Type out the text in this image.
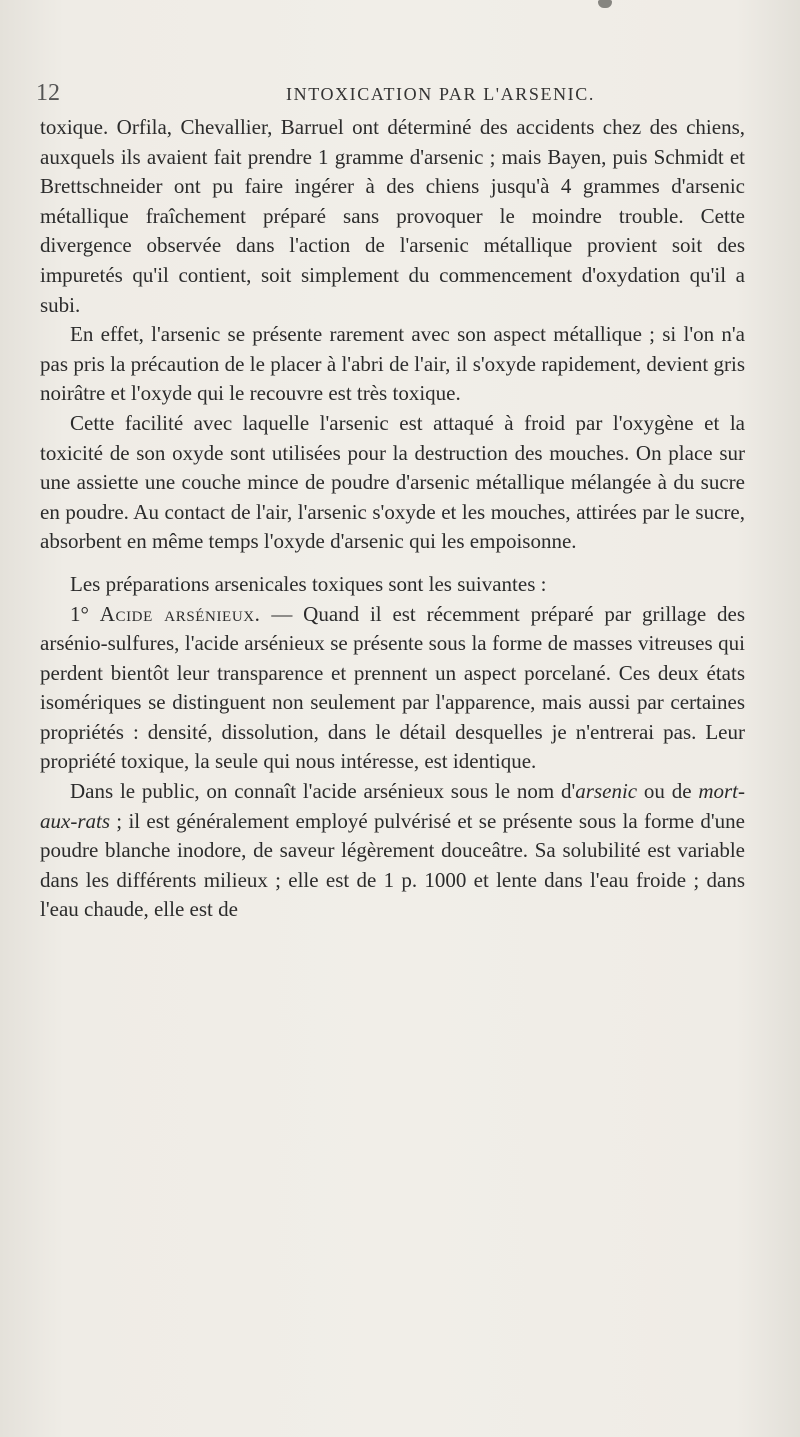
12	INTOXICATION PAR L'ARSENIC.

toxique. Orfila, Chevallier, Barruel ont déterminé des accidents chez des chiens, auxquels ils avaient fait prendre 1 gramme d'arsenic ; mais Bayen, puis Schmidt et Brettschneider ont pu faire ingérer à des chiens jusqu'à 4 grammes d'arsenic métallique fraîchement préparé sans provoquer le moindre trouble. Cette divergence observée dans l'action de l'arsenic métallique provient soit des impuretés qu'il contient, soit simplement du commencement d'oxydation qu'il a subi.

En effet, l'arsenic se présente rarement avec son aspect métallique ; si l'on n'a pas pris la précaution de le placer à l'abri de l'air, il s'oxyde rapidement, devient gris noirâtre et l'oxyde qui le recouvre est très toxique.

Cette facilité avec laquelle l'arsenic est attaqué à froid par l'oxygène et la toxicité de son oxyde sont utilisées pour la destruction des mouches. On place sur une assiette une couche mince de poudre d'arsenic métallique mélangée à du sucre en poudre. Au contact de l'air, l'arsenic s'oxyde et les mouches, attirées par le sucre, absorbent en même temps l'oxyde d'arsenic qui les empoisonne.

Les préparations arsenicales toxiques sont les suivantes :

1° Acide arsénieux. — Quand il est récemment préparé par grillage des arsénio-sulfures, l'acide arsénieux se présente sous la forme de masses vitreuses qui perdent bientôt leur transparence et prennent un aspect porcelané. Ces deux états isomériques se distinguent non seulement par l'apparence, mais aussi par certaines propriétés : densité, dissolution, dans le détail desquelles je n'entrerai pas. Leur propriété toxique, la seule qui nous intéresse, est identique.

Dans le public, on connaît l'acide arsénieux sous le nom d'arsenic ou de mort-aux-rats ; il est généralement employé pulvérisé et se présente sous la forme d'une poudre blanche inodore, de saveur légèrement douceâtre. Sa solubilité est variable dans les différents milieux ; elle est de 1 p. 1000 et lente dans l'eau froide ; dans l'eau chaude, elle est de
